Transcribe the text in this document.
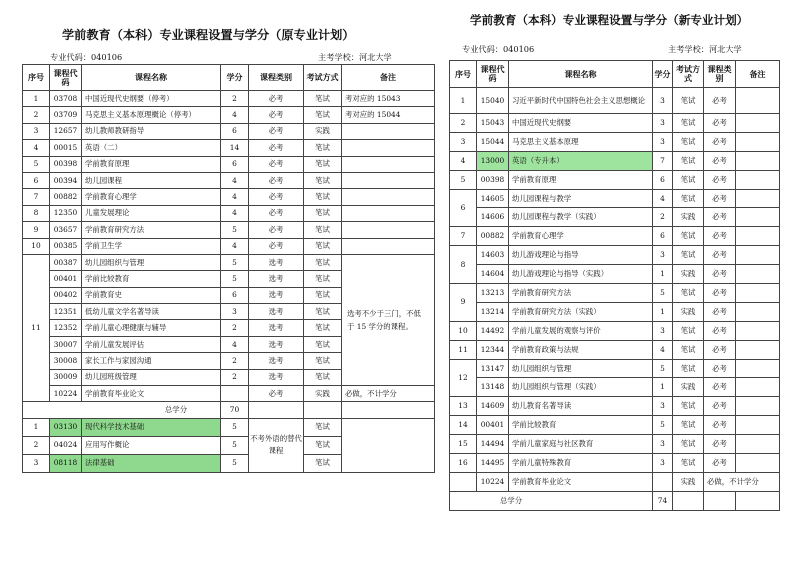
学前教育（本科）专业课程设置与学分（原专业计划）
专业代码：040106	主考学校：河北大学
序号	课程代码	课程名称	学分	课程类别	考试方式	备注
1	03708	中国近现代史纲要（停考）	2	必考	笔试	考对应的 15043
2	03709	马克思主义基本原理概论（停考）	4	必考	笔试	考对应的 15044
3	12657	幼儿教师教研指导	6	必考	实践	
4	00015	英语（二）	14	必考	笔试	
5	00398	学前教育原理	6	必考	笔试	
6	00394	幼儿园课程	4	必考	笔试	
7	00882	学前教育心理学	4	必考	笔试	
8	12350	儿童发展理论	4	必考	笔试	
9	03657	学前教育研究方法	5	必考	笔试	
10	00385	学前卫生学	4	必考	笔试	
11	00387	幼儿园组织与管理	5	选考	笔试	选考不少于三门，不低于 15 学分的课程。
	00401	学前比较教育	5	选考	笔试	
	00402	学前教育史	6	选考	笔试	
	12351	低幼儿童文学名著导读	3	选考	笔试	
	12352	学前儿童心理健康与辅导	2	选考	笔试	
	30007	学前儿童发展评估	4	选考	笔试	
	30008	家长工作与家园沟通	2	选考	笔试	
	30009	幼儿园班级管理	2	选考	笔试	
	10224	学前教育毕业论文		必考	实践	必做，不计学分
总学分			70			
1	03130	现代科学技术基础	5	不考外语的替代课程	笔试	
2	04024	应用写作概论	5		笔试	
3	08118	法律基础	5		笔试	
学前教育（本科）专业课程设置与学分（新专业计划）
专业代码：040106	主考学校：河北大学
序号	课程代码	课程名称	学分	考试方式	课程类别	备注
1	15040	习近平新时代中国特色社会主义思想概论	3	笔试	必考	
2	15043	中国近现代史纲要	3	笔试	必考	
3	15044	马克思主义基本原理	3	笔试	必考	
4	13000	英语（专升本）	7	笔试	必考	
5	00398	学前教育原理	6	笔试	必考	
6	14605	幼儿园课程与教学	4	笔试	必考	
	14606	幼儿园课程与教学（实践）	2	实践	必考	
7	00882	学前教育心理学	6	笔试	必考	
8	14603	幼儿游戏理论与指导	3	笔试	必考	
	14604	幼儿游戏理论与指导（实践）	1	实践	必考	
9	13213	学前教育研究方法	5	笔试	必考	
	13214	学前教育研究方法（实践）	1	实践	必考	
10	14492	学前儿童发展的观察与评价	3	笔试	必考	
11	12344	学前教育政策与法规	4	笔试	必考	
12	13147	幼儿园组织与管理	5	笔试	必考	
	13148	幼儿园组织与管理（实践）	1	实践	必考	
13	14609	幼儿教育名著导读	3	笔试	必考	
14	00401	学前比较教育	5	笔试	必考	
15	14494	学前儿童家庭与社区教育	3	笔试	必考	
16	14495	学前儿童特殊教育	3	笔试	必考	
	10224	学前教育毕业论文		实践	必做，不计学分	
总学分			74			
